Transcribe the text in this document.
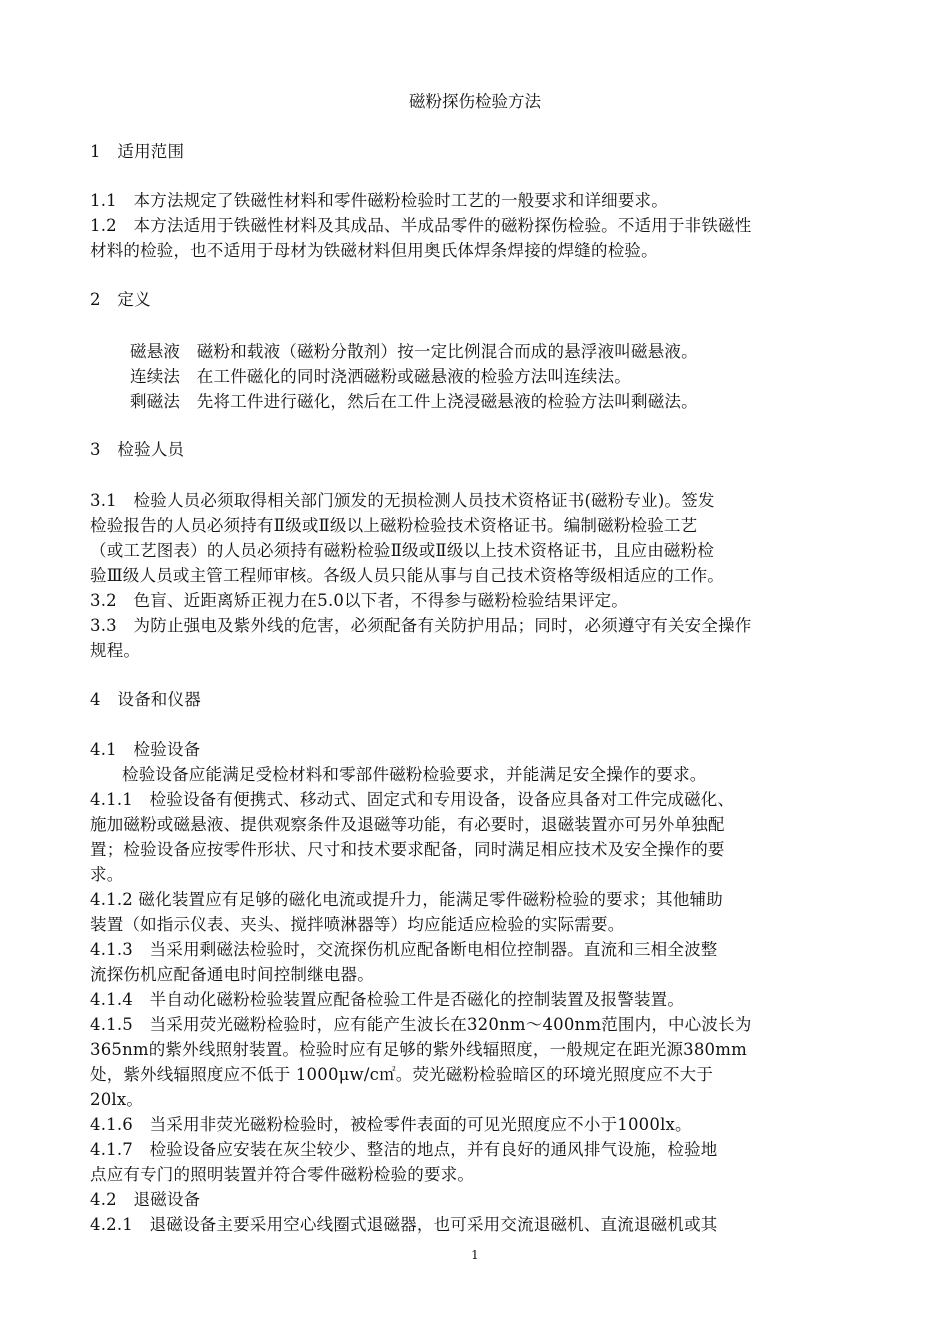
磁粉探伤检验方法
1　适用范围
1.1　本方法规定了铁磁性材料和零件磁粉检验时工艺的一般要求和详细要求。
1.2　本方法适用于铁磁性材料及其成品、半成品零件的磁粉探伤检验。不适用于非铁磁性
材料的检验，也不适用于母材为铁磁材料但用奥氏体焊条焊接的焊缝的检验。
2　定义
磁悬液　磁粉和载液（磁粉分散剂）按一定比例混合而成的悬浮液叫磁悬液。
连续法　在工件磁化的同时浇洒磁粉或磁悬液的检验方法叫连续法。
剩磁法　先将工件进行磁化，然后在工件上浇浸磁悬液的检验方法叫剩磁法。
3　检验人员
3.1　检验人员必须取得相关部门颁发的无损检测人员技术资格证书(磁粉专业)。签发
检验报告的人员必须持有Ⅱ级或Ⅱ级以上磁粉检验技术资格证书。编制磁粉检验工艺
（或工艺图表）的人员必须持有磁粉检验Ⅱ级或Ⅱ级以上技术资格证书，且应由磁粉检
验Ⅲ级人员或主管工程师审核。各级人员只能从事与自己技术资格等级相适应的工作。
3.2　色盲、近距离矫正视力在5.0以下者，不得参与磁粉检验结果评定。
3.3　为防止强电及紫外线的危害，必须配备有关防护用品；同时，必须遵守有关安全操作
规程。
4　设备和仪器
4.1　检验设备
检验设备应能满足受检材料和零部件磁粉检验要求，并能满足安全操作的要求。
4.1.1　检验设备有便携式、移动式、固定式和专用设备，设备应具备对工件完成磁化、
施加磁粉或磁悬液、提供观察条件及退磁等功能，有必要时，退磁装置亦可另外单独配
置；检验设备应按零件形状、尺寸和技术要求配备，同时满足相应技术及安全操作的要
求。
4.1.2 磁化装置应有足够的磁化电流或提升力，能满足零件磁粉检验的要求；其他辅助
装置（如指示仪表、夹头、搅拌喷淋器等）均应能适应检验的实际需要。
4.1.3　当采用剩磁法检验时，交流探伤机应配备断电相位控制器。直流和三相全波整
流探伤机应配备通电时间控制继电器。
4.1.4　半自动化磁粉检验装置应配备检验工件是否磁化的控制装置及报警装置。
4.1.5　当采用荧光磁粉检验时，应有能产生波长在320nm～400nm范围内，中心波长为
365nm的紫外线照射装置。检验时应有足够的紫外线辐照度，一般规定在距光源380mm
处，紫外线辐照度应不低于 1000μw/c㎡。荧光磁粉检验暗区的环境光照度应不大于
20lx。
4.1.6　当采用非荧光磁粉检验时，被检零件表面的可见光照度应不小于1000lx。
4.1.7　检验设备应安装在灰尘较少、整洁的地点，并有良好的通风排气设施，检验地
点应有专门的照明装置并符合零件磁粉检验的要求。
4.2　退磁设备
4.2.1　退磁设备主要采用空心线圈式退磁器，也可采用交流退磁机、直流退磁机或其
1
